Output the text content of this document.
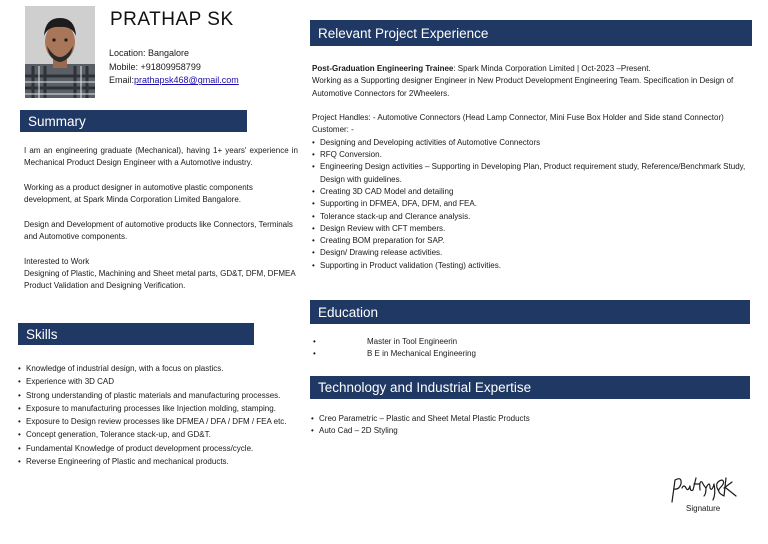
PRATHAP SK
Location: Bangalore
Mobile: +91809958799
Email:prathapsk468@gmail.com
Summary

I am an engineering graduate (Mechanical), having 1+ years' experience in Mechanical Product Design Engineer with a Automotive industry.

Working as a product designer in automotive plastic components development, at Spark Minda Corporation Limited Bangalore.

Design and Development of automotive products like Connectors, Terminals and Automotive components.

Interested to Work

Designing of Plastic, Machining and Sheet metal parts, GD&T, DFM, DFMEA Product Validation and Designing Verification.

Skills
• Knowledge of industrial design, with a focus on plastics.
• Experience with 3D CAD
• Strong understanding of plastic materials and manufacturing processes.
• Exposure to manufacturing processes like Injection molding, stamping.
• Exposure to Design review processes like DFMEA / DFA / DFM / FEA etc.
• Concept generation, Tolerance stack-up, and GD&T.
• Fundamental Knowledge of product development process/cycle.
• Reverse Engineering of Plastic and mechanical products.
Relevant Project Experience

Post-Graduation Engineering Trainee: Spark Minda Corporation Limited | Oct-2023 –Present.

Working as a Supporting designer Engineer in New Product Development Engineering Team. Specification in Design of Automotive Connectors for 2Wheelers.

Project Handles: - Automotive Connectors (Head Lamp Connector, Mini Fuse Box Holder and Side stand Connector)

Customer: -

• Designing and Developing activities of Automotive Connectors
• RFQ Conversion.
• Engineering Design activities – Supporting in Developing Plan, Product requirement study, Reference/Benchmark Study, Design with guidelines.
• Creating 3D CAD Model and detailing
• Supporting in DFMEA, DFA, DFM, and FEA.
• Tolerance stack-up and Clerance analysis.
• Design Review with CFT members.
• Creating BOM preparation for SAP.
• Design/ Drawing release activities.
• Supporting in Product validation (Testing) activities.
Education
•	Master in Tool Engineerin
•	B E in Mechanical Engineering
Technology and Industrial Expertise
• Creo Parametric – Plastic and Sheet Metal Plastic Products
• Auto Cad – 2D Styling
Signature
